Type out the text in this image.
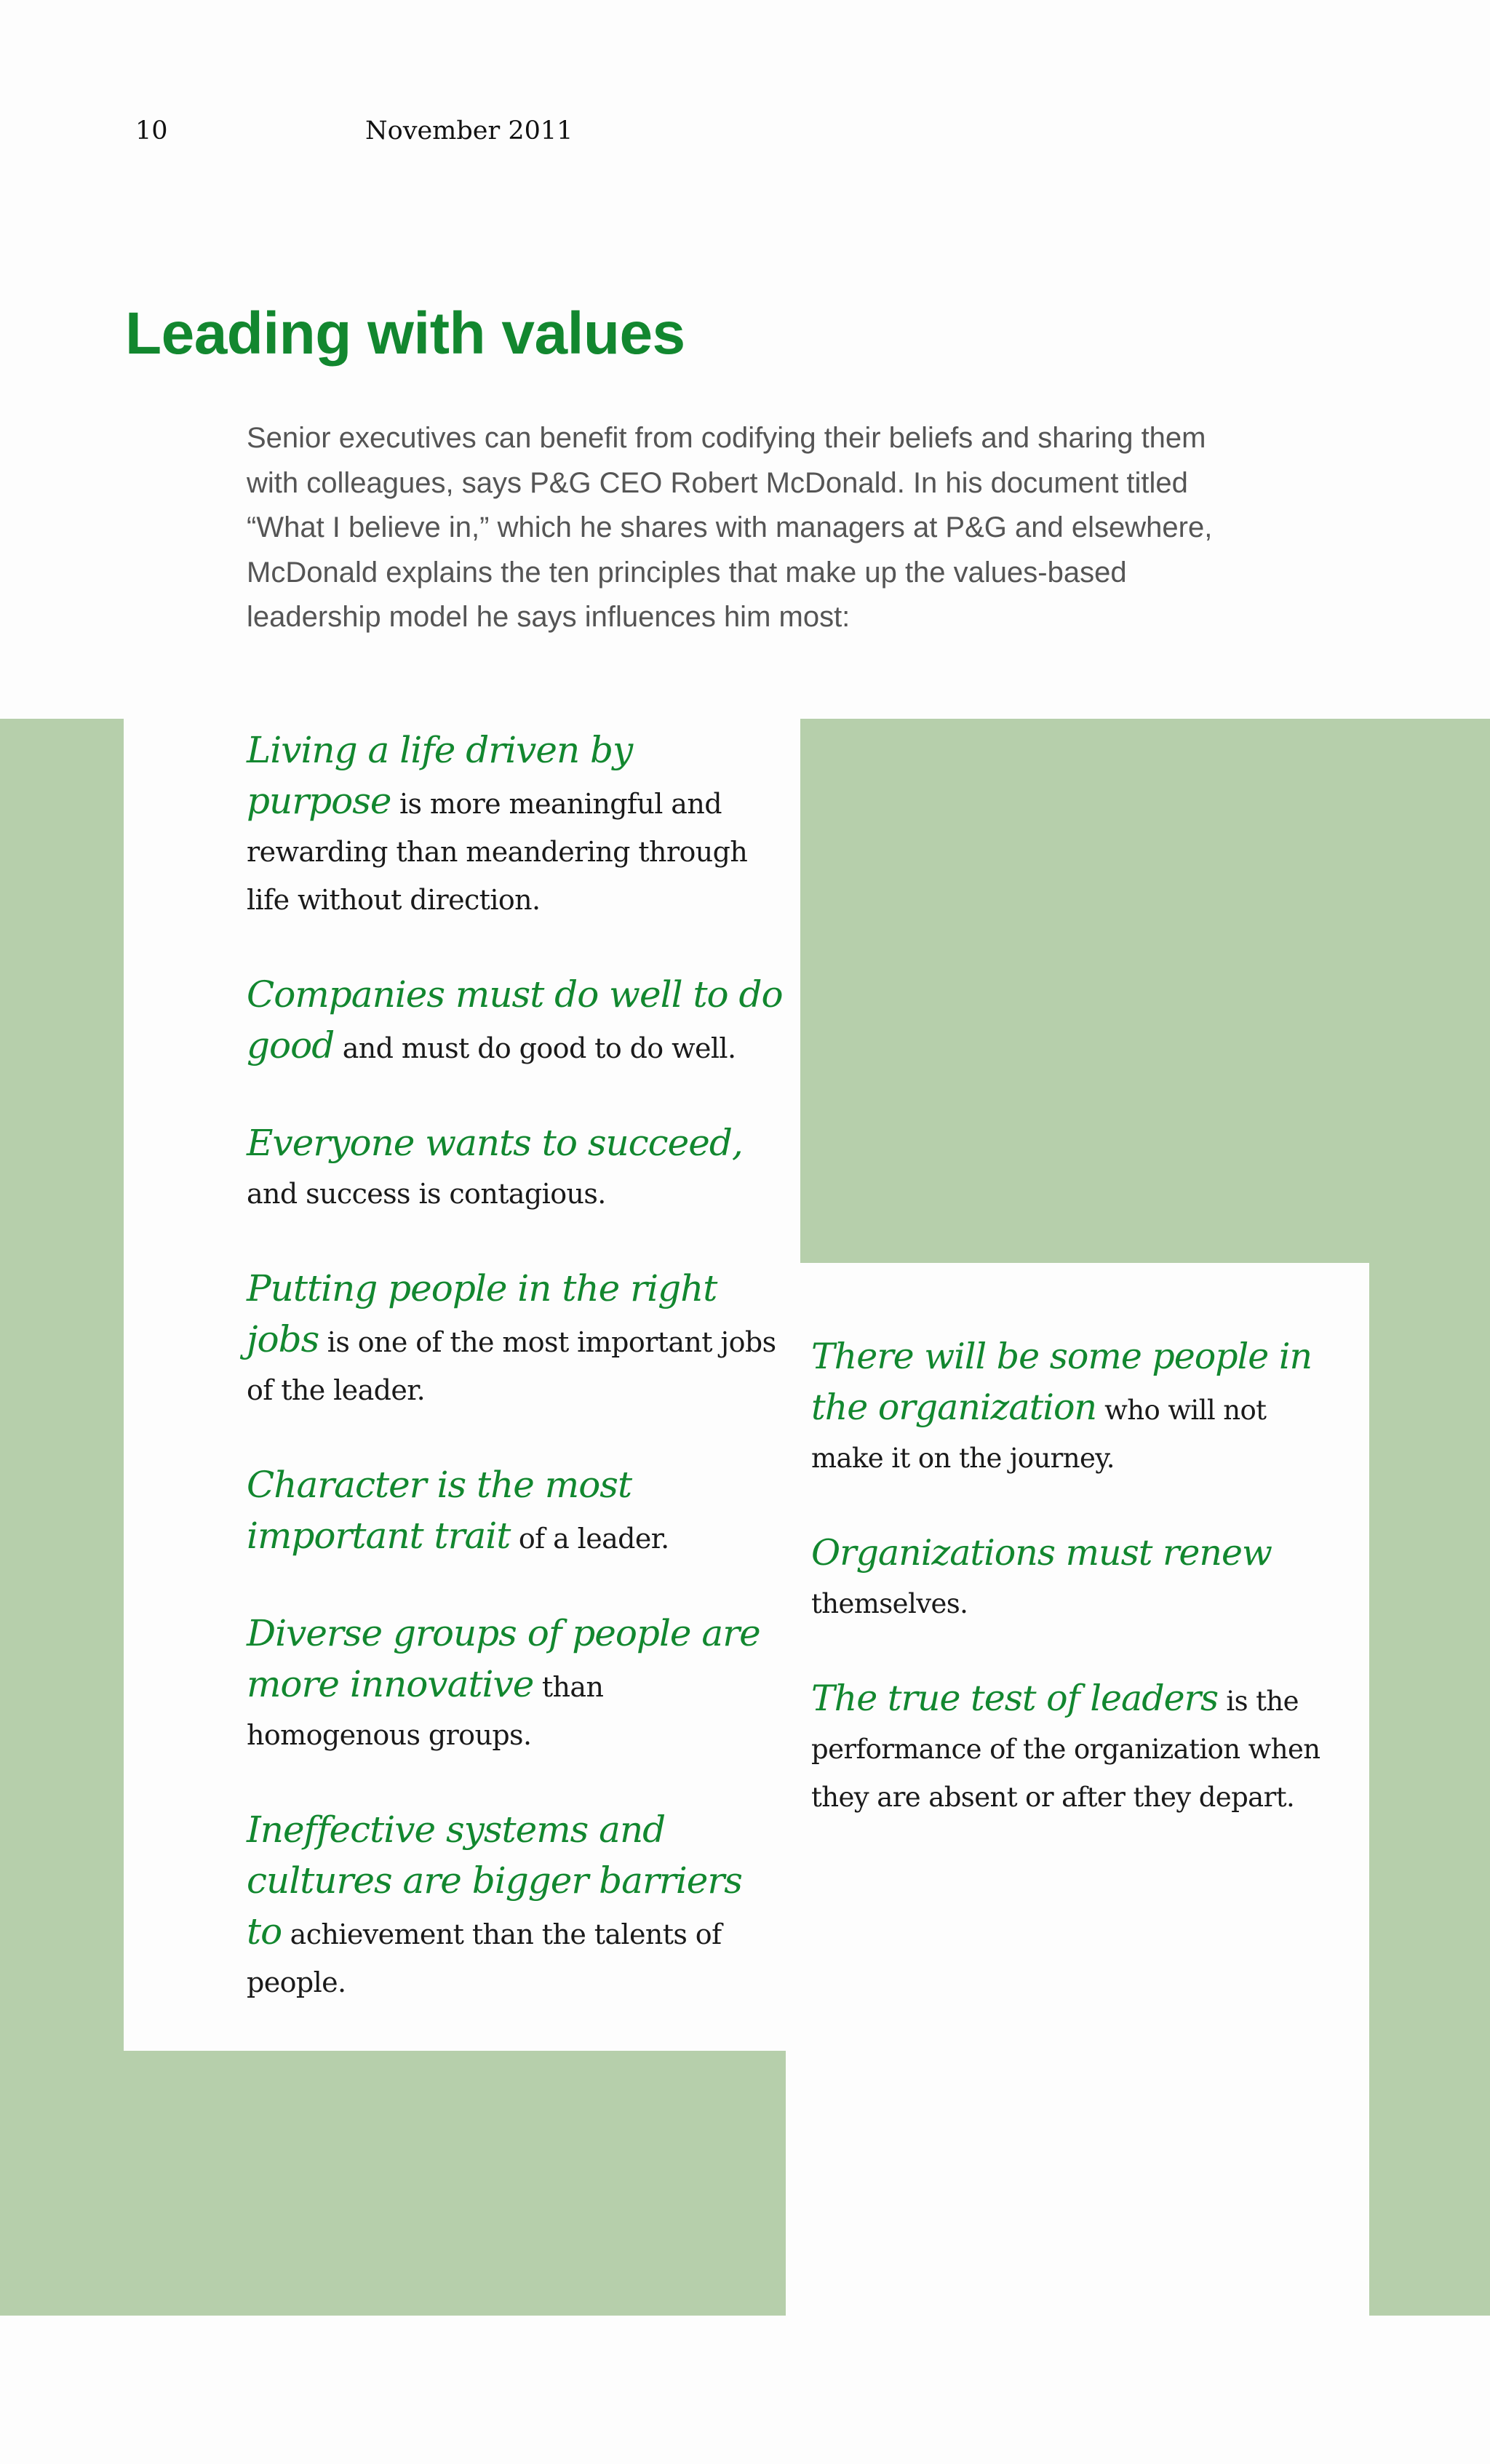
10	November 2011
Leading with values

Senior executives can benefit from codifying their beliefs and sharing them with colleagues, says P&G CEO Robert McDonald. In his document titled “What I believe in,” which he shares with managers at P&G and elsewhere, McDonald explains the ten principles that make up the values-based leadership model he says influences him most:

Living a life driven by purpose is more meaningful and rewarding than meandering through life without direction.
Companies must do well to do good and must do good to do well.
Everyone wants to succeed, and success is contagious.
Putting people in the right jobs is one of the most important jobs of the leader.
Character is the most important trait of a leader.
Diverse groups of people are more innovative than homogenous groups.
Ineffective systems and cultures are bigger barriers to achievement than the talents of people.
There will be some people in the organization who will not make it on the journey.
Organizations must renew themselves.
The true test of leaders is the performance of the organization when they are absent or after they depart.
